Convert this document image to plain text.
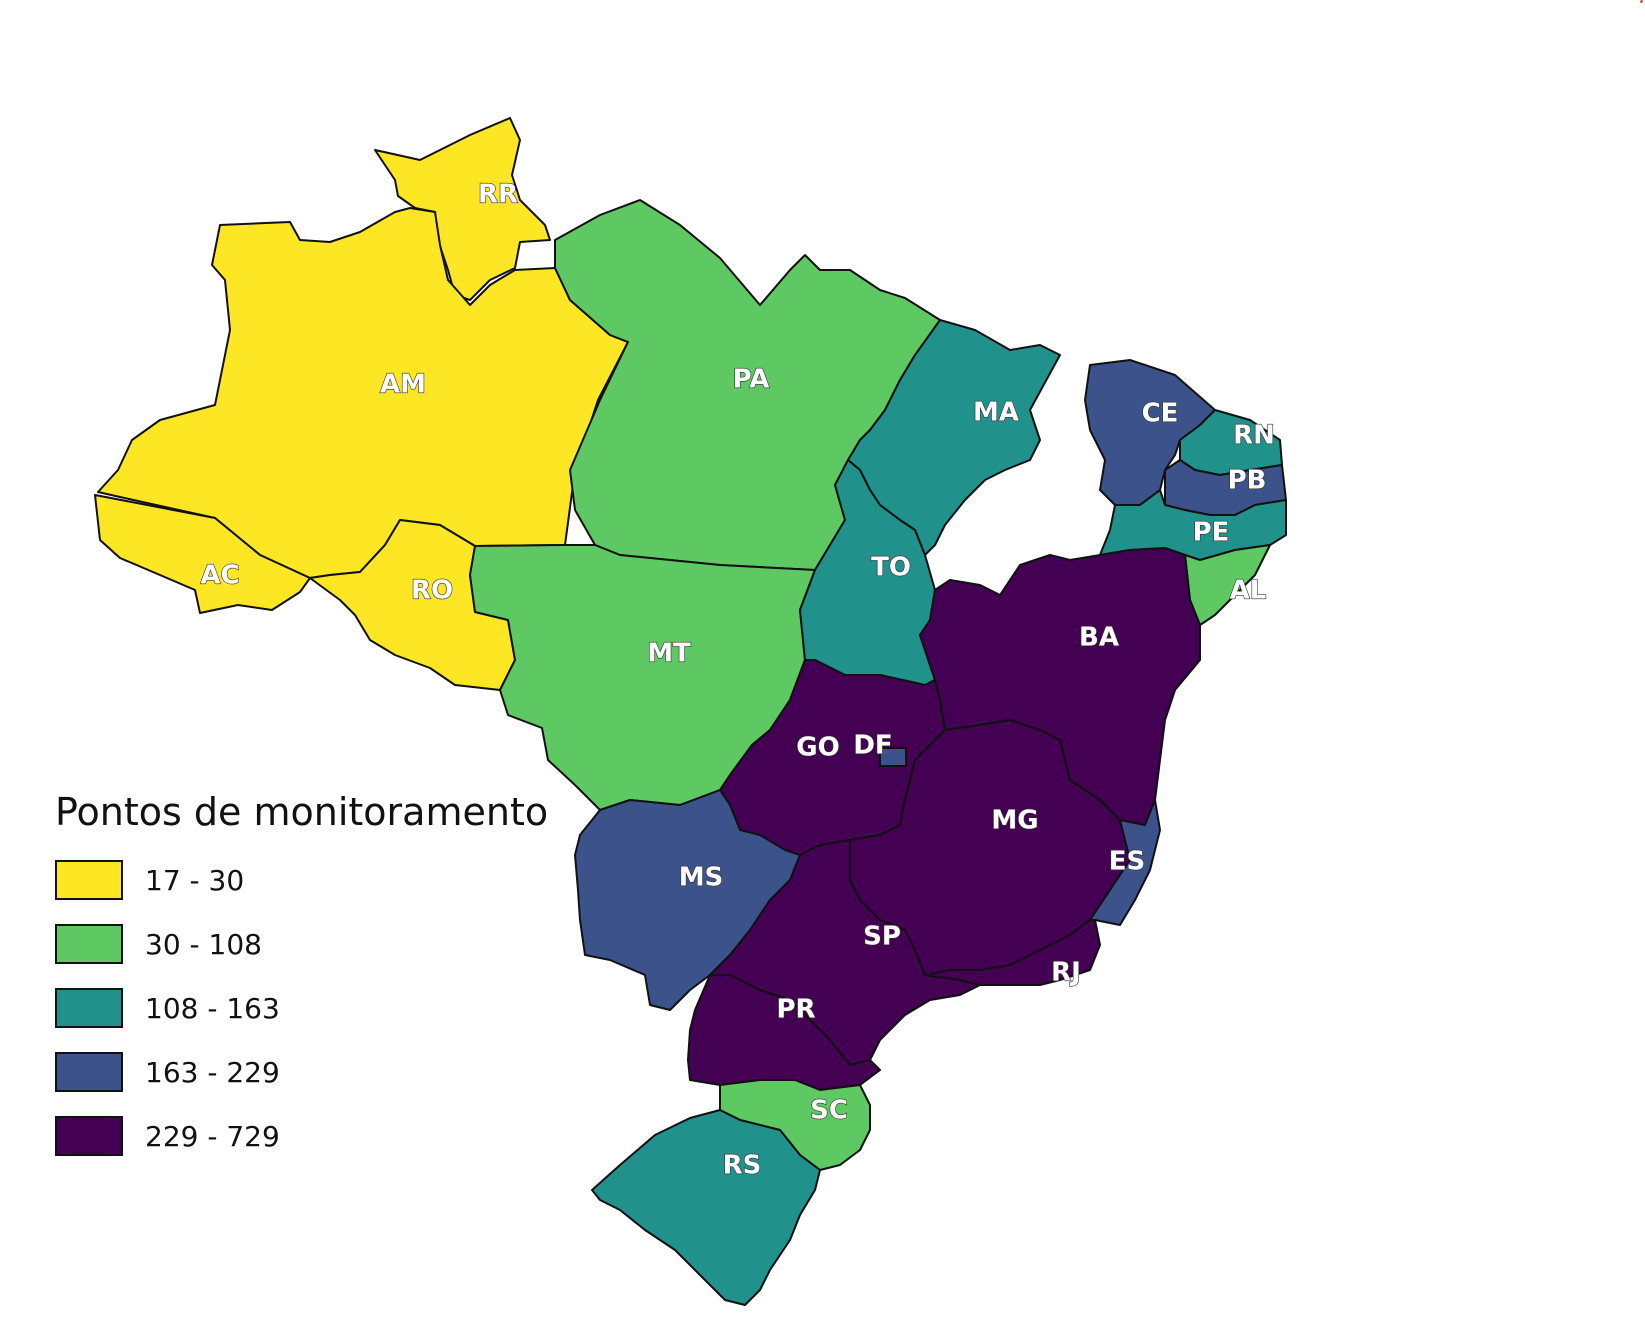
RR
AM
AC	RO
PA
MT
MA
TO
CE
RN
PB
PE
AL
BA
GO DF
MG
ES
MS
SP
RJ
PR
SC
RS
Pontos de monitoramento
17 - 30
30 - 108
108 - 163
163 - 229
229 - 729
